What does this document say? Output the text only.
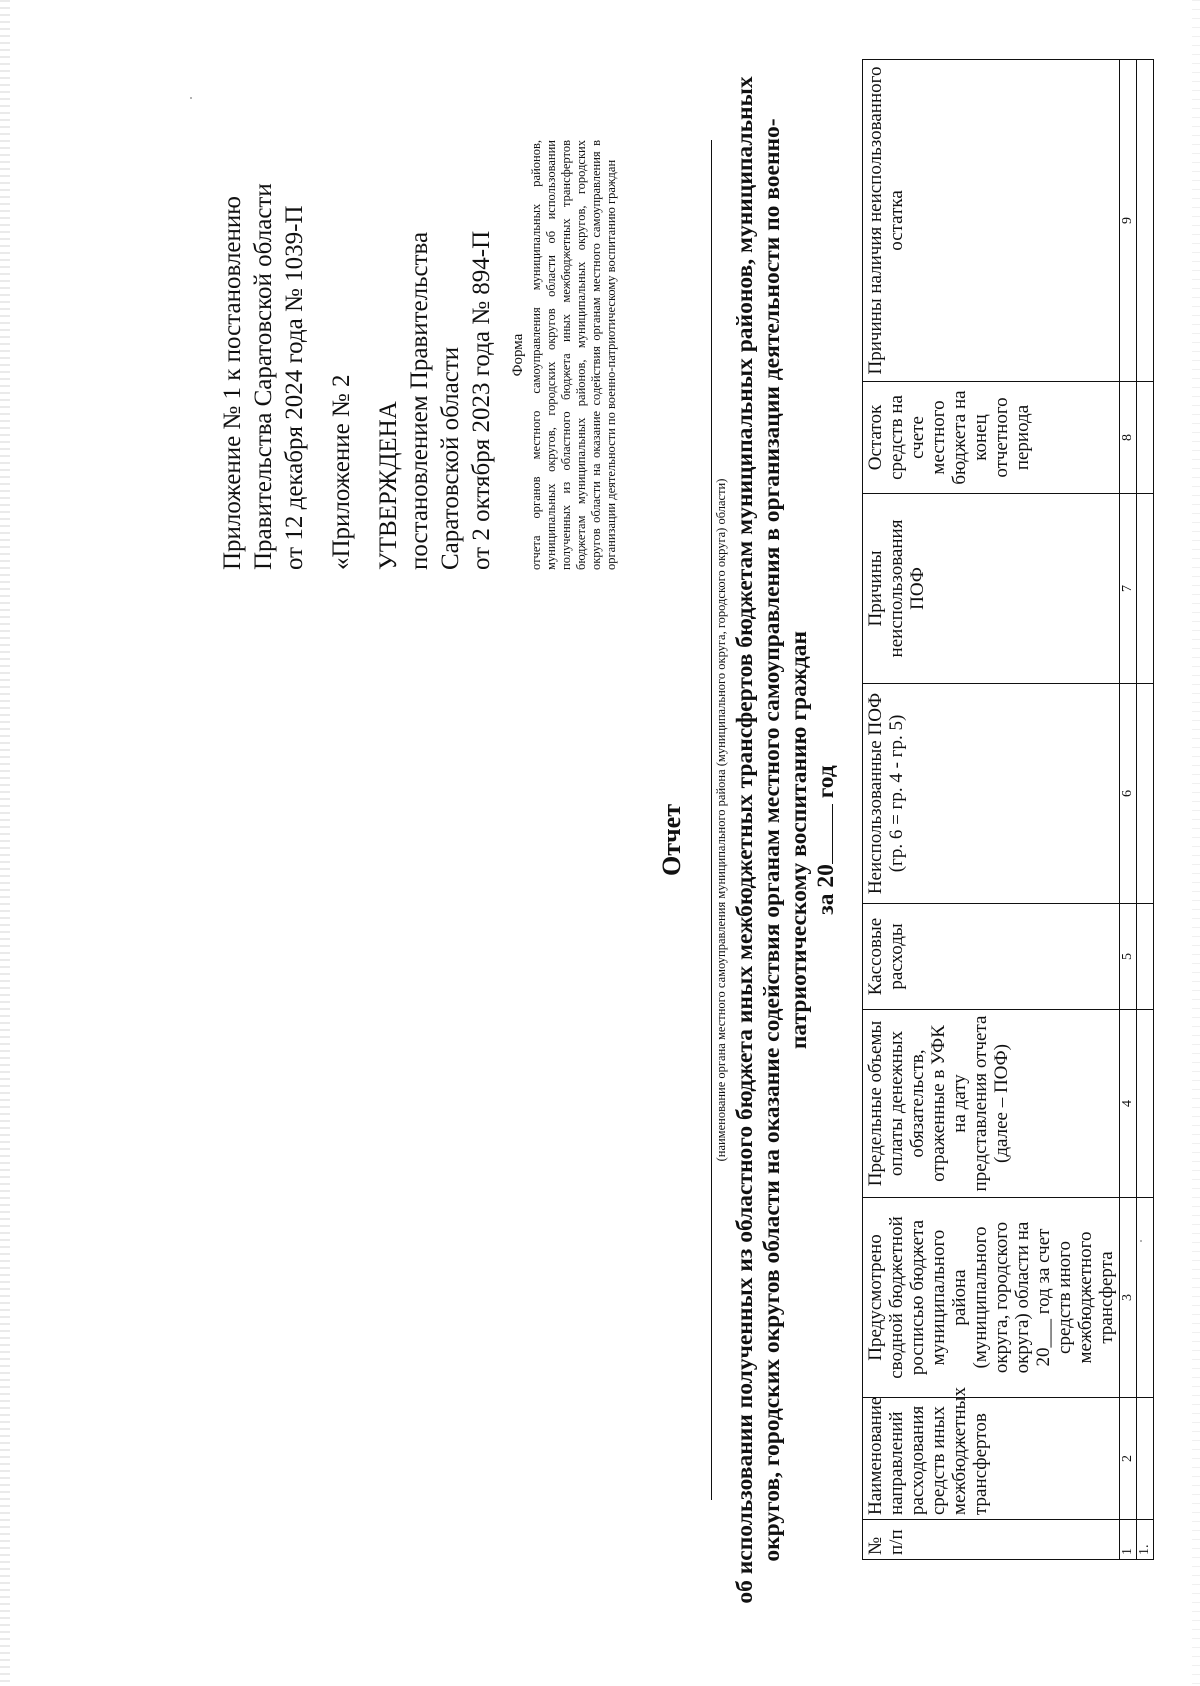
Приложение № 1 к постановлению Правительства Саратовской области от 12 декабря 2024 года № 1039-П «Приложение № 2 УТВЕРЖДЕНА постановлением Правительства Саратовской области от 2 октября 2023 года № 894-П Форма отчета органов местного самоуправления муниципальных районов, муниципальных округов, городских округов области об использовании полученных из областного бюджета иных межбюджетных трансфертов бюджетам муниципальных районов, муниципальных округов, городских округов области на оказание содействия органам местного самоуправления в организации деятельности по военно-патриотическому воспитанию граждан
Отчет (наименование органа местного самоуправления муниципального района (муниципального округа, городского округа) области) об использовании полученных из областного бюджета иных межбюджетных трансфертов бюджетам муниципальных районов, муниципальных округов, городских округов области на оказание содействия органам местного самоуправления в организации деятельности по военно-патриотическому воспитанию граждан за 20 год
№ п/п	Наименование направлений расходования средств иных межбюджетных трансфертов	Предусмотрено сводной бюджетной росписью бюджета муниципального района (муниципального округа, городского округа) области на 20___ год за счет средств иного межбюджетного трансферта	Предельные объемы оплаты денежных обязательств, отраженные в УФК на дату представления отчета (далее – ПОФ)	Кассовые расходы	Неиспользованные ПОФ (гр. 6 = гр. 4 - гр. 5)	Причины неиспользования ПОФ	Остаток средств на счете местного бюджета на конец отчетного периода	Причины наличия неиспользованного остатка
1	2	3	4	5	6	7	8	9
1.								
